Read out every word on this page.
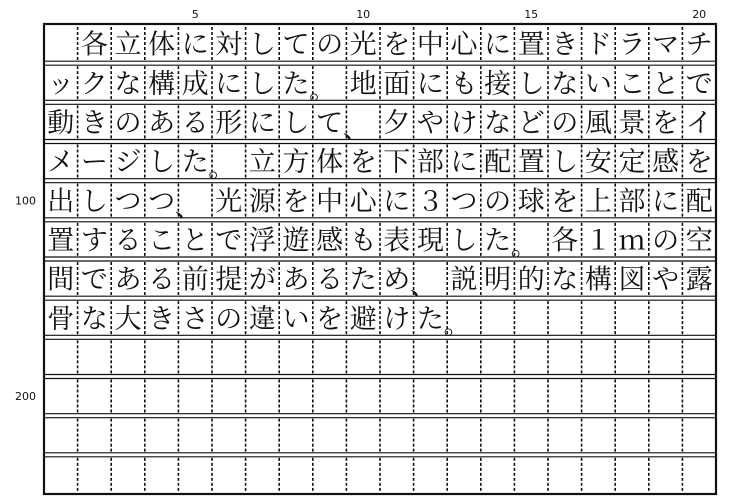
5	10	15	20
100
200
各 立 体 に 対 し て の 光 を 中 心 に 置 き ド ラ マ チ
ッ ク な 構 成 に し た 。 地 面 に も 接 し な い こ と で
動 き の あ る 形 に し て 、 夕 や け な ど の 風 景 を イ
メ ー ジ し た 。 立 方 体 を 下 部 に 配 置 し 安 定 感 を
出 し つ つ 、 光 源 を 中 心 に ３ つ の 球 を 上 部 に 配
置 す る こ と で 浮 遊 感 も 表 現 し た 。 各 １ ｍ の 空
間 で あ る 前 提 が あ る た め 、 説 明 的 な 構 図 や 露
骨 な 大 き さ の 違 い を 避 け た 。
